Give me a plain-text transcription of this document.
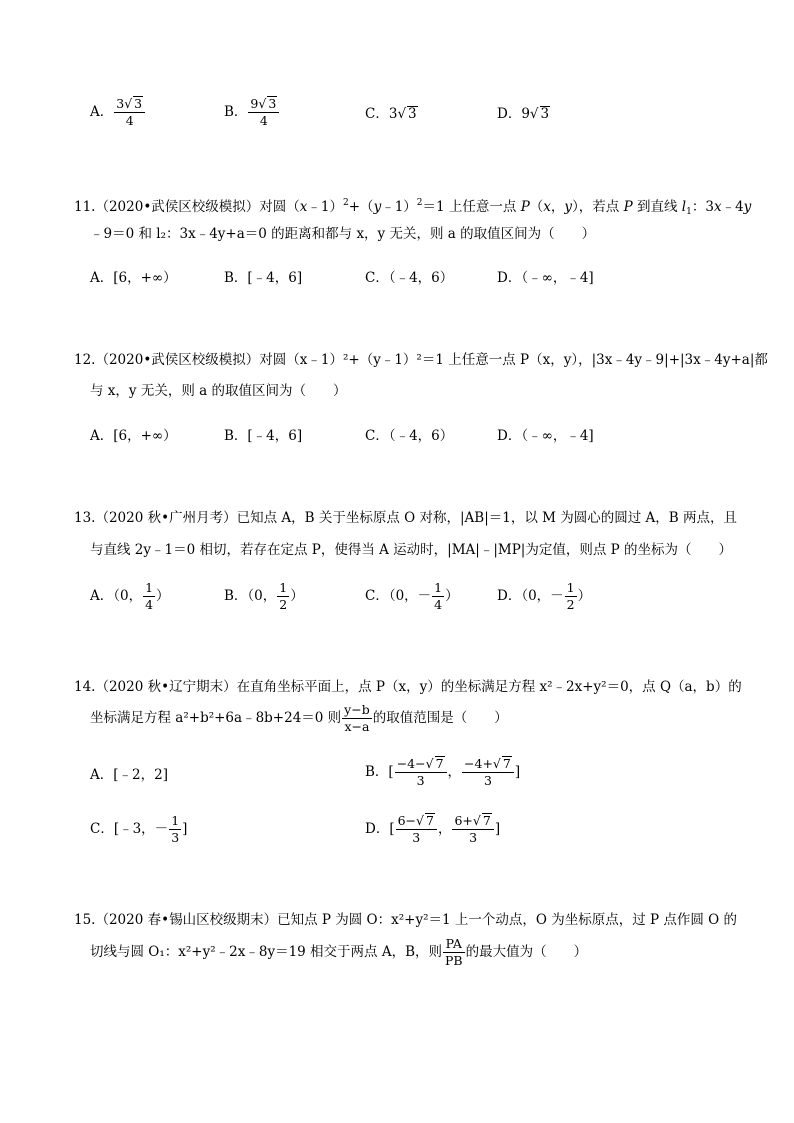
A． $\frac{3 √ 3}{4}$	B． $\frac{9 √ 3}{4}$	C．3 √ 3	D．9 √ 3
11.（2020•武侯区校级模拟）对圆（x﹣1）$^2$+（y﹣1）$^2$＝1 上任意一点 P（x，y），若点 P 到直线 $l_1$：3x﹣4y
﹣9＝0 和 l₂：3x﹣4y+a＝0 的距离和都与 x，y 无关，则 a 的取值区间为（　　）
A．[6，+∞）	B．[﹣4，6]	C．（﹣4，6）	D．（﹣∞，﹣4]
12.（2020•武侯区校级模拟）对圆（x﹣1）²+（y﹣1）²＝1 上任意一点 P（x，y），|3x﹣4y﹣9|+|3x﹣4y+a|都
与 x，y 无关，则 a 的取值区间为（　　）
A．[6，+∞）	B．[﹣4，6]	C．（﹣4，6）	D．（﹣∞，﹣4]
13.（2020 秋•广州月考）已知点 A，B 关于坐标原点 O 对称，|AB|＝1，以 M 为圆心的圆过 A，B 两点，且
与直线 2y﹣1＝0 相切，若存在定点 P，使得当 A 运动时，|MA|﹣|MP|为定值，则点 P 的坐标为（　　）
A．（0， $\frac{1}{4}$ ）	B．（0， $\frac{1}{2}$ ）	C．（0，－ $\frac{1}{4}$ ）	D．（0，－ $\frac{1}{2}$ ）
14.（2020 秋•辽宁期末）在直角坐标平面上，点 P（x，y）的坐标满足方程 x²﹣2x+y²＝0，点 Q（a，b）的
坐标满足方程 a²+b²+6a﹣8b+24＝0 则 $\frac{y-b}{x-a}$ 的取值范围是（　　）
A．[﹣2，2]	B．[ $\frac{-4- √ 7}{3}$ ， $\frac{-4+ √ 7}{3}$ ]
C．[﹣3，－ $\frac{1}{3}$ ]	D．[ $\frac{6- √ 7}{3}$ ， $\frac{6+ √ 7}{3}$ ]
15.（2020 春•锡山区校级期末）已知点 P 为圆 O：x²+y²＝1 上一个动点，O 为坐标原点，过 P 点作圆 O 的
切线与圆 O₁：x²+y²﹣2x﹣8y＝19 相交于两点 A，B，则 $\frac{PA}{PB}$ 的最大值为（　　）
